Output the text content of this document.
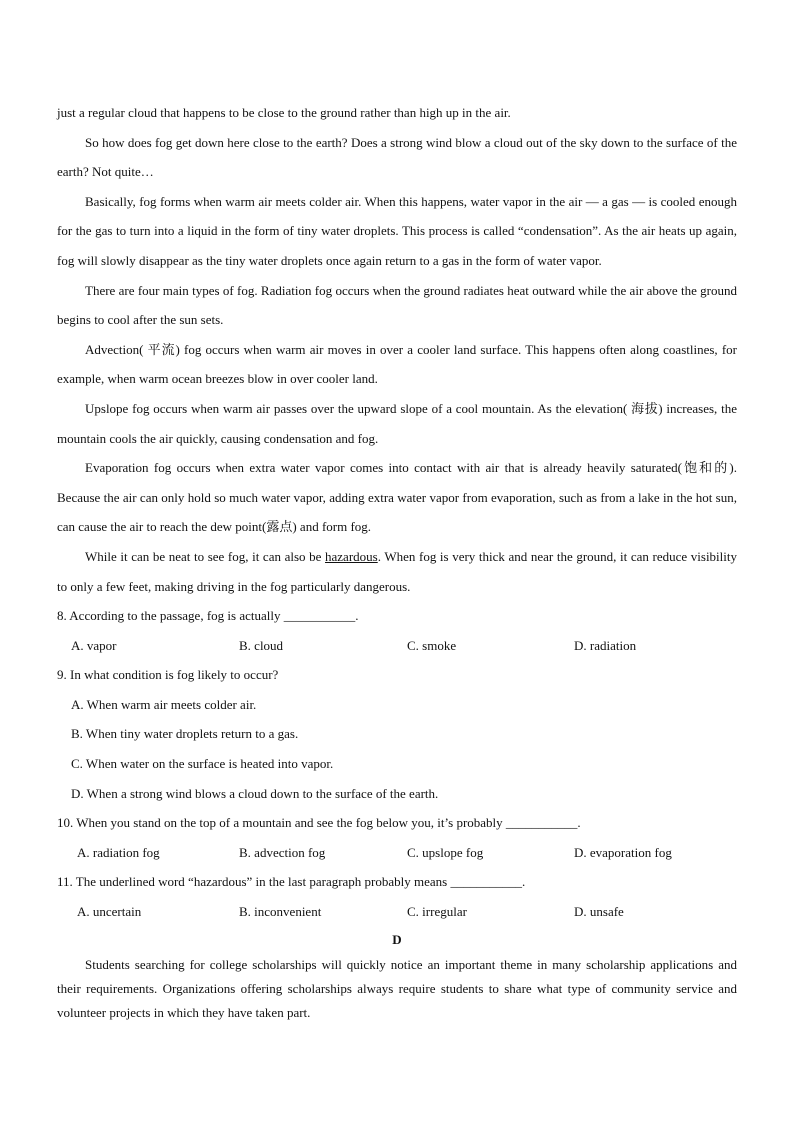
just a regular cloud that happens to be close to the ground rather than high up in the air.

So how does fog get down here close to the earth? Does a strong wind blow a cloud out of the sky down to the surface of the earth? Not quite…

Basically, fog forms when warm air meets colder air. When this happens, water vapor in the air — a gas — is cooled enough for the gas to turn into a liquid in the form of tiny water droplets. This process is called “condensation”. As the air heats up again, fog will slowly disappear as the tiny water droplets once again return to a gas in the form of water vapor.

There are four main types of fog. Radiation fog occurs when the ground radiates heat outward while the air above the ground begins to cool after the sun sets.

Advection( 平流) fog occurs when warm air moves in over a cooler land surface. This happens often along coastlines, for example, when warm ocean breezes blow in over cooler land.

Upslope fog occurs when warm air passes over the upward slope of a cool mountain. As the elevation( 海拔) increases, the mountain cools the air quickly, causing condensation and fog.

Evaporation fog occurs when extra water vapor comes into contact with air that is already heavily saturated(饱和的). Because the air can only hold so much water vapor, adding extra water vapor from evaporation, such as from a lake in the hot sun, can cause the air to reach the dew point(露点) and form fog.

While it can be neat to see fog, it can also be hazardous. When fog is very thick and near the ground, it can reduce visibility to only a few feet, making driving in the fog particularly dangerous.

8. According to the passage, fog is actually ___________.

A. vapor	B. cloud	C. smoke	D. radiation

9. In what condition is fog likely to occur?

A. When warm air meets colder air.
B. When tiny water droplets return to a gas.
C. When water on the surface is heated into vapor.
D. When a strong wind blows a cloud down to the surface of the earth.

10. When you stand on the top of a mountain and see the fog below you, it’s probably ___________.

A. radiation fog	B. advection fog	C. upslope fog	D. evaporation fog

11. The underlined word “hazardous” in the last paragraph probably means ___________.

A. uncertain	B. inconvenient	C. irregular	D. unsafe

D

Students searching for college scholarships will quickly notice an important theme in many scholarship applications and their requirements. Organizations offering scholarships always require students to share what type of community service and volunteer projects in which they have taken part.
